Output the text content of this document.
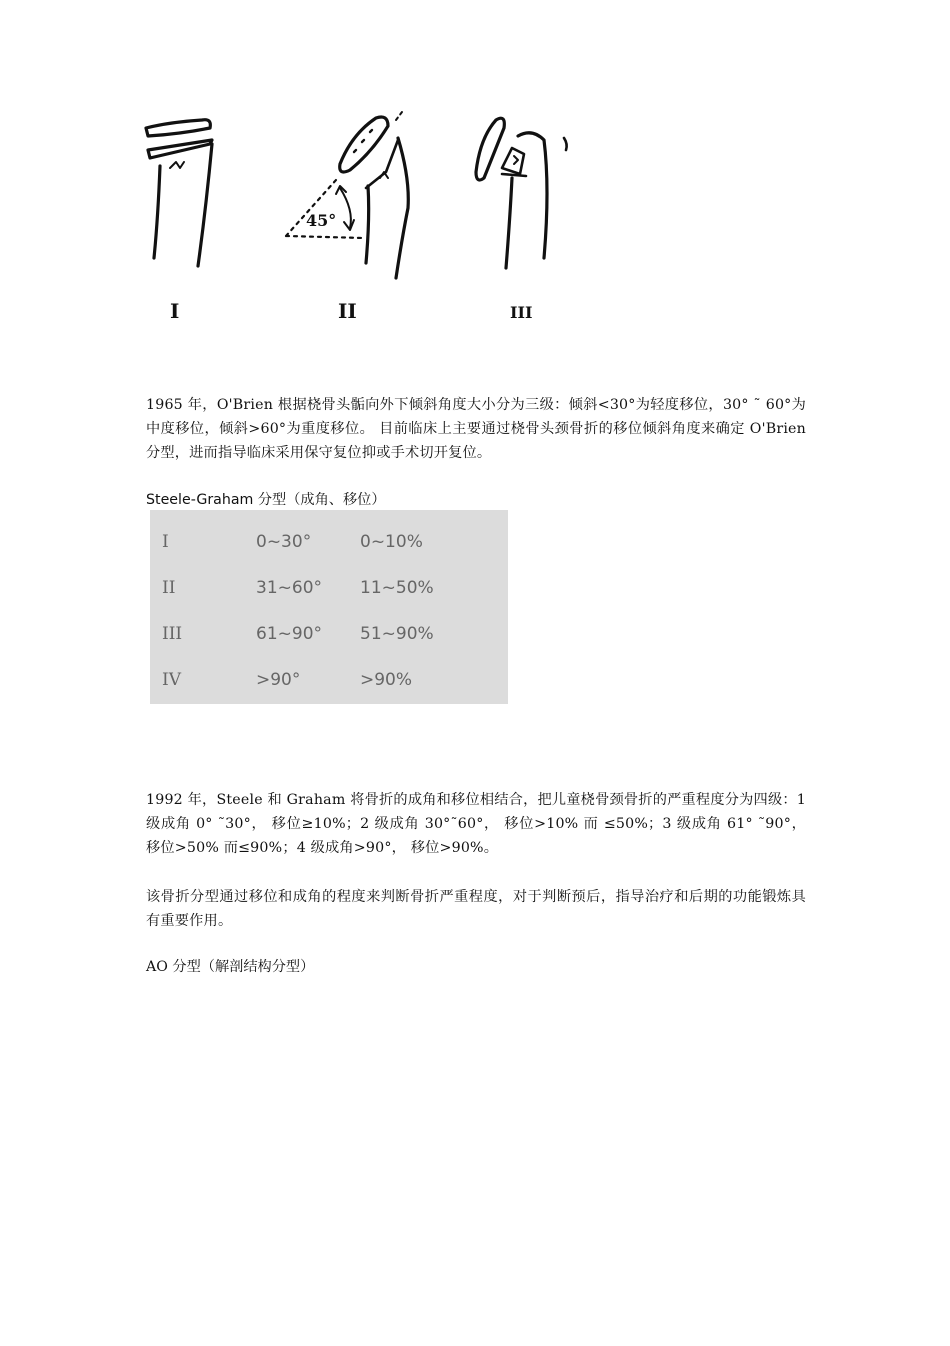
45°
I	II	III
1965 年，O'Brien 根据桡骨头骺向外下倾斜角度大小分为三级：倾斜<30°为轻度移位，30° ˜ 60°为中度移位，倾斜>60°为重度移位。 目前临床上主要通过桡骨头颈骨折的移位倾斜角度来确定 O'Brien 分型，进而指导临床采用保守复位抑或手术切开复位。
Steele-Graham 分型（成角、移位）
I	0~30°	0~10%
II	31~60° 11~50%
III	61~90° 51~90%
IV	>90°	>90%
1992 年，Steele 和 Graham 将骨折的成角和移位相结合，把儿童桡骨颈骨折的严重程度分为四级：1 级成角 0° ˜30°， 移位≥10%；2 级成角 30°˜60°， 移位>10% 而 ≤50%；3 级成角 61° ˜90°， 移位>50% 而≤90%；4 级成角>90°， 移位>90%。
该骨折分型通过移位和成角的程度来判断骨折严重程度，对于判断预后，指导治疗和后期的功能锻炼具有重要作用。
AO 分型（解剖结构分型）
